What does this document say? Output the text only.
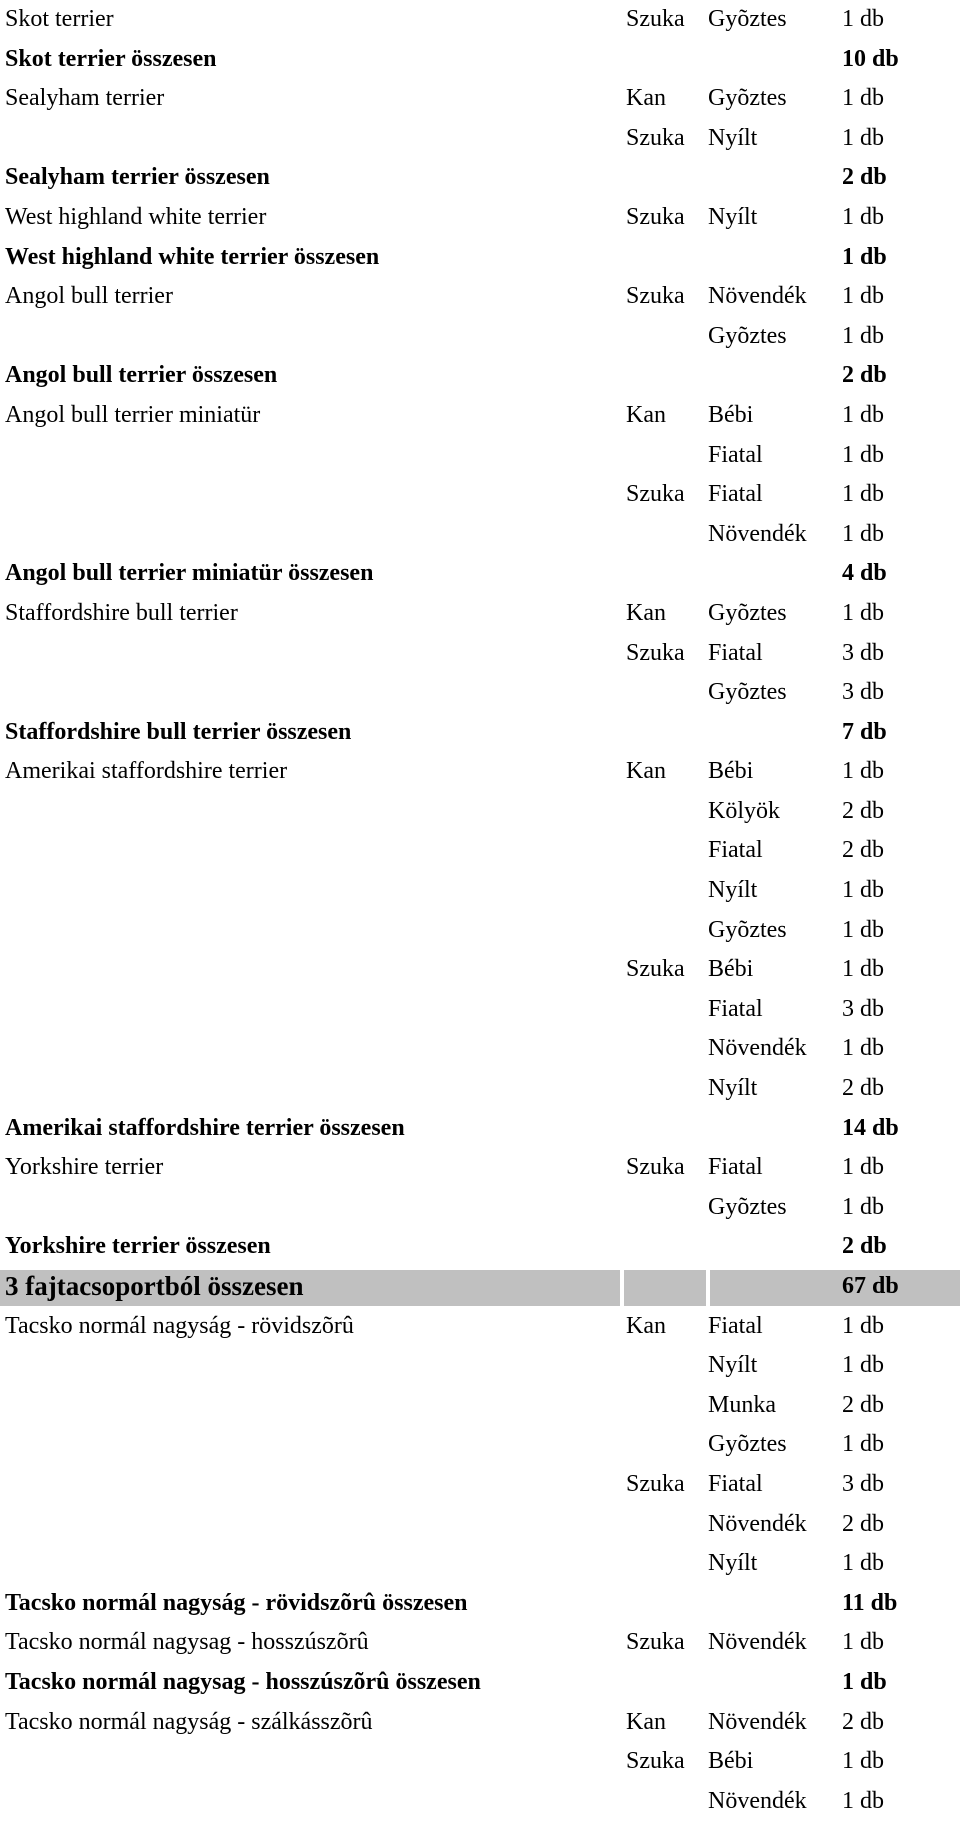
Skot terrier	Szuka Gyõztes 1 db
Skot terrier összesen	10 db
Sealyham terrier	Kan Gyõztes 1 db
Szuka Nyílt	1 db
Sealyham terrier összesen	2 db
West highland white terrier	Szuka Nyílt	1 db
West highland white terrier összesen	1 db
Angol bull terrier	Szuka Növendék 1 db
Gyõztes 1 db
Angol bull terrier összesen	2 db
Angol bull terrier miniatür	Kan Bébi	1 db
Fiatal	1 db
Szuka Fiatal	1 db
Növendék 1 db
Angol bull terrier miniatür összesen	4 db
Staffordshire bull terrier	Kan Gyõztes 1 db
Szuka Fiatal	3 db
Gyõztes 3 db
Staffordshire bull terrier összesen	7 db
Amerikai staffordshire terrier	Kan Bébi	1 db
Kölyök	2 db
Fiatal	2 db
Nyílt	1 db
Gyõztes 1 db
Szuka Bébi	1 db
Fiatal	3 db
Növendék 1 db
Nyílt	2 db
Amerikai staffordshire terrier összesen	14 db
Yorkshire terrier	Szuka Fiatal	1 db
Gyõztes 1 db
Yorkshire terrier összesen	2 db
3 fajtacsoportból összesen	67 db
Tacsko normál nagyság - rövidszõrû	Kan Fiatal	1 db
Nyílt	1 db
Munka	2 db
Gyõztes 1 db
Szuka Fiatal	3 db
Növendék 2 db
Nyílt	1 db
Tacsko normál nagyság - rövidszõrû összesen	11 db
Tacsko normál nagysag - hosszúszõrû	Szuka Növendék 1 db
Tacsko normál nagysag - hosszúszõrû összesen	1 db
Tacsko normál nagyság - szálkásszõrû	Kan Növendék 2 db
Szuka Bébi	1 db
Növendék 1 db
